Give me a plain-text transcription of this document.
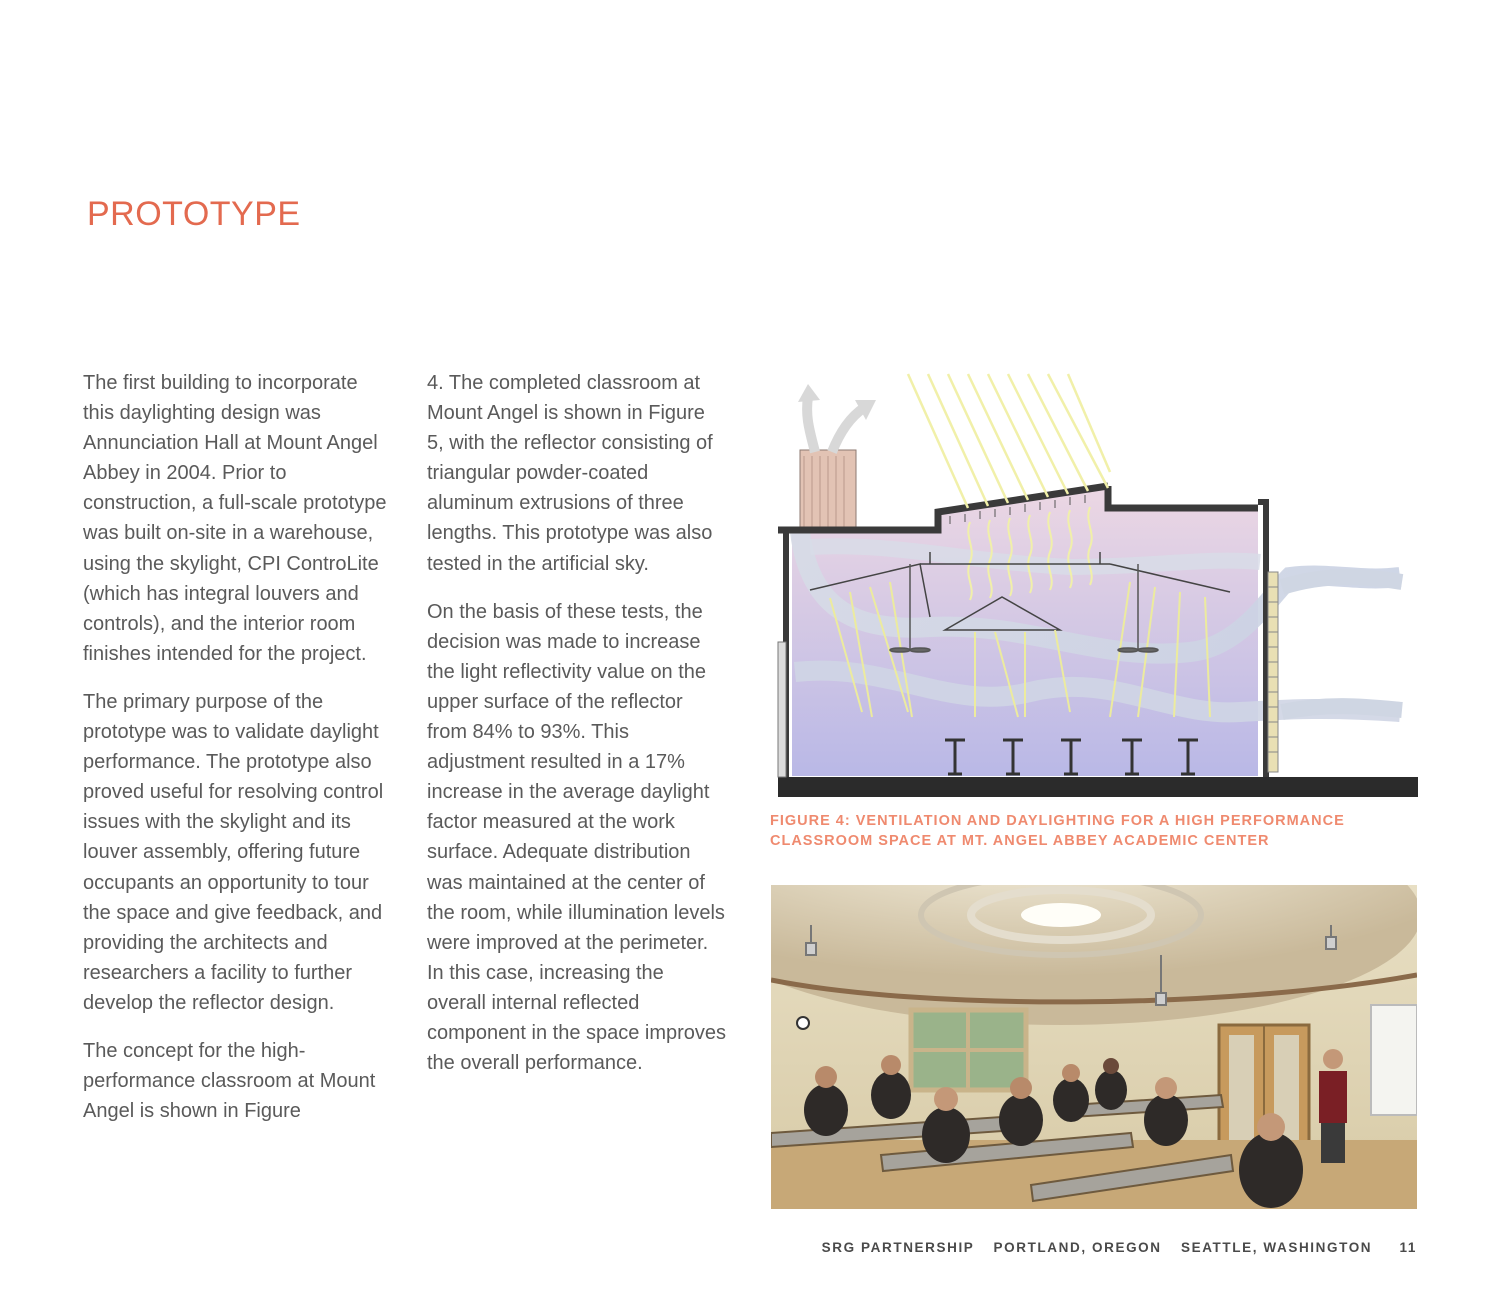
PROTOTYPE

The first building to incorporate this daylighting design was Annunciation Hall at Mount Angel Abbey in 2004. Prior to construction, a full-scale prototype was built on-site in a warehouse, using the skylight, CPI ControLite (which has integral louvers and controls), and the interior room finishes intended for the project.

The primary purpose of the prototype was to validate daylight performance. The prototype also proved useful for resolving control issues with the skylight and its louver assembly, offering future occupants an opportunity to tour the space and give feedback, and providing the architects and researchers a facility to further develop the reflector design.

The concept for the high-performance classroom at Mount Angel is shown in Figure

4. The completed classroom at Mount Angel is shown in Figure 5, with the reflector consisting of triangular powder-coated aluminum extrusions of three lengths. This prototype was also tested in the artificial sky.

On the basis of these tests, the decision was made to increase the light reflectivity value on the upper surface of the reflector from 84% to 93%. This adjustment resulted in a 17% increase in the average daylight factor measured at the work surface. Adequate distribution was maintained at the center of the room, while illumination levels were improved at the perimeter. In this case, increasing the overall internal reflected component in the space improves the overall performance.

FIGURE 4: VENTILATION AND DAYLIGHTING FOR A HIGH PERFORMANCE
CLASSROOM SPACE AT MT. ANGEL ABBEY ACADEMIC CENTER
SRG PARTNERSHIP PORTLAND, OREGON SEATTLE, WASHINGTON 11
